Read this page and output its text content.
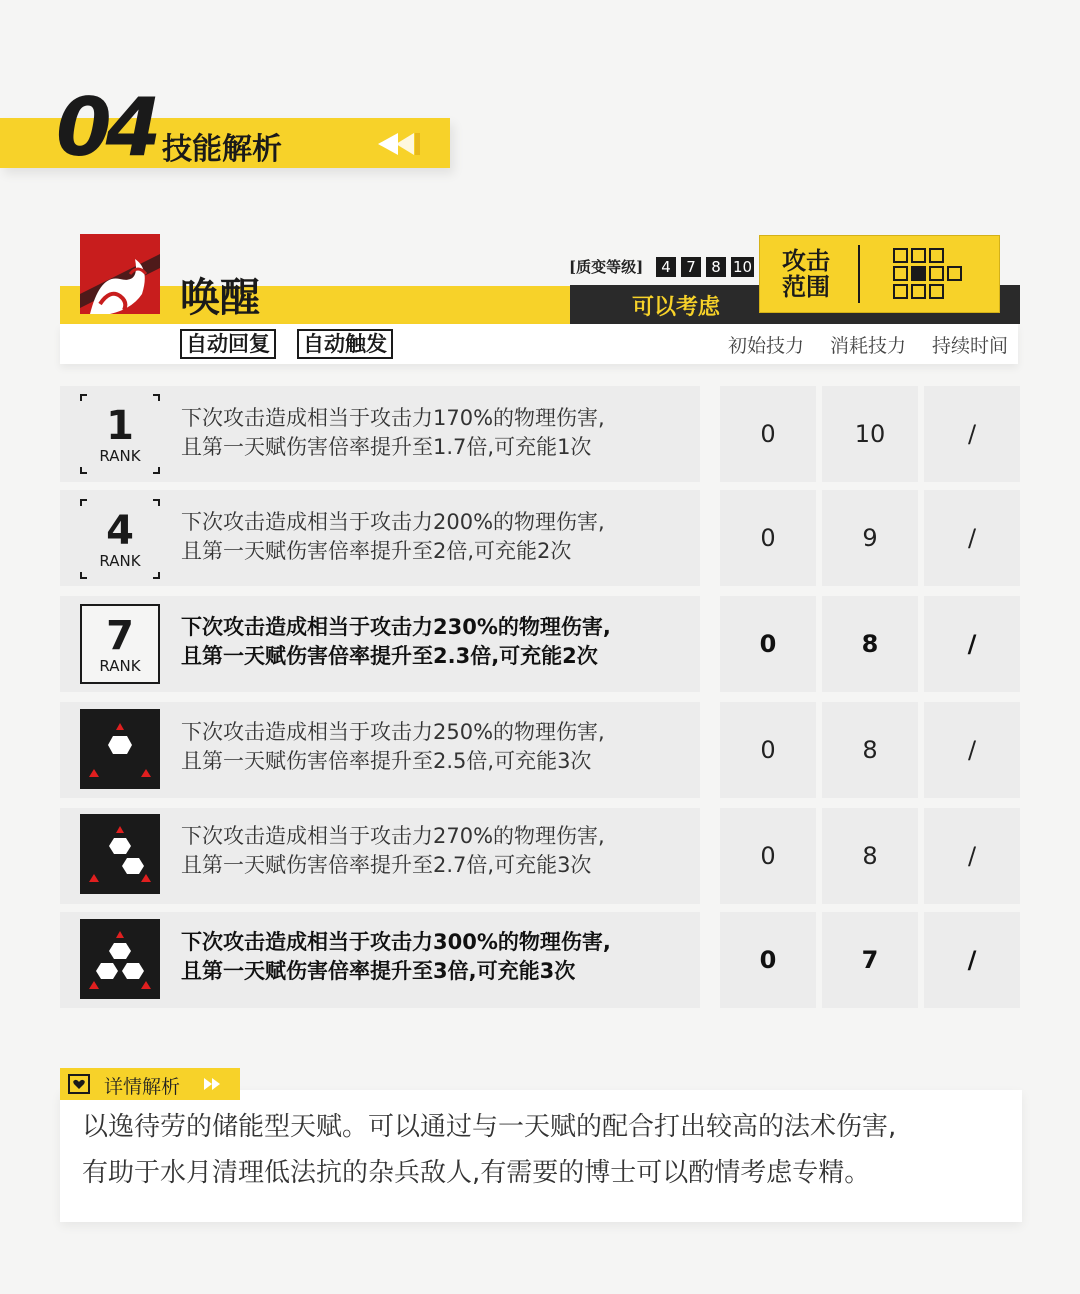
04 技能解析
唤醒
自动回复 自动触发	初始技力 消耗技力 持续时间
可以考虑
[质变等级]	4	7	8 10 攻击范围
1
RANK
下次攻击造成相当于攻击力170%的物理伤害,
且第一天赋伤害倍率提升至1.7倍,可充能1次	0	10	/
4
RANK
下次攻击造成相当于攻击力200%的物理伤害,
且第一天赋伤害倍率提升至2倍,可充能2次	0	9	/
7
RANK
下次攻击造成相当于攻击力230%的物理伤害,
且第一天赋伤害倍率提升至2.3倍,可充能2次	0	8	/
下次攻击造成相当于攻击力250%的物理伤害,
且第一天赋伤害倍率提升至2.5倍,可充能3次	0	8	/
下次攻击造成相当于攻击力270%的物理伤害,
且第一天赋伤害倍率提升至2.7倍,可充能3次	0	8	/
下次攻击造成相当于攻击力300%的物理伤害,
且第一天赋伤害倍率提升至3倍,可充能3次	0	7	/
详情解析
以逸待劳的储能型天赋。可以通过与一天赋的配合打出较高的法术伤害,
有助于水月清理低法抗的杂兵敌人,有需要的博士可以酌情考虑专精。
